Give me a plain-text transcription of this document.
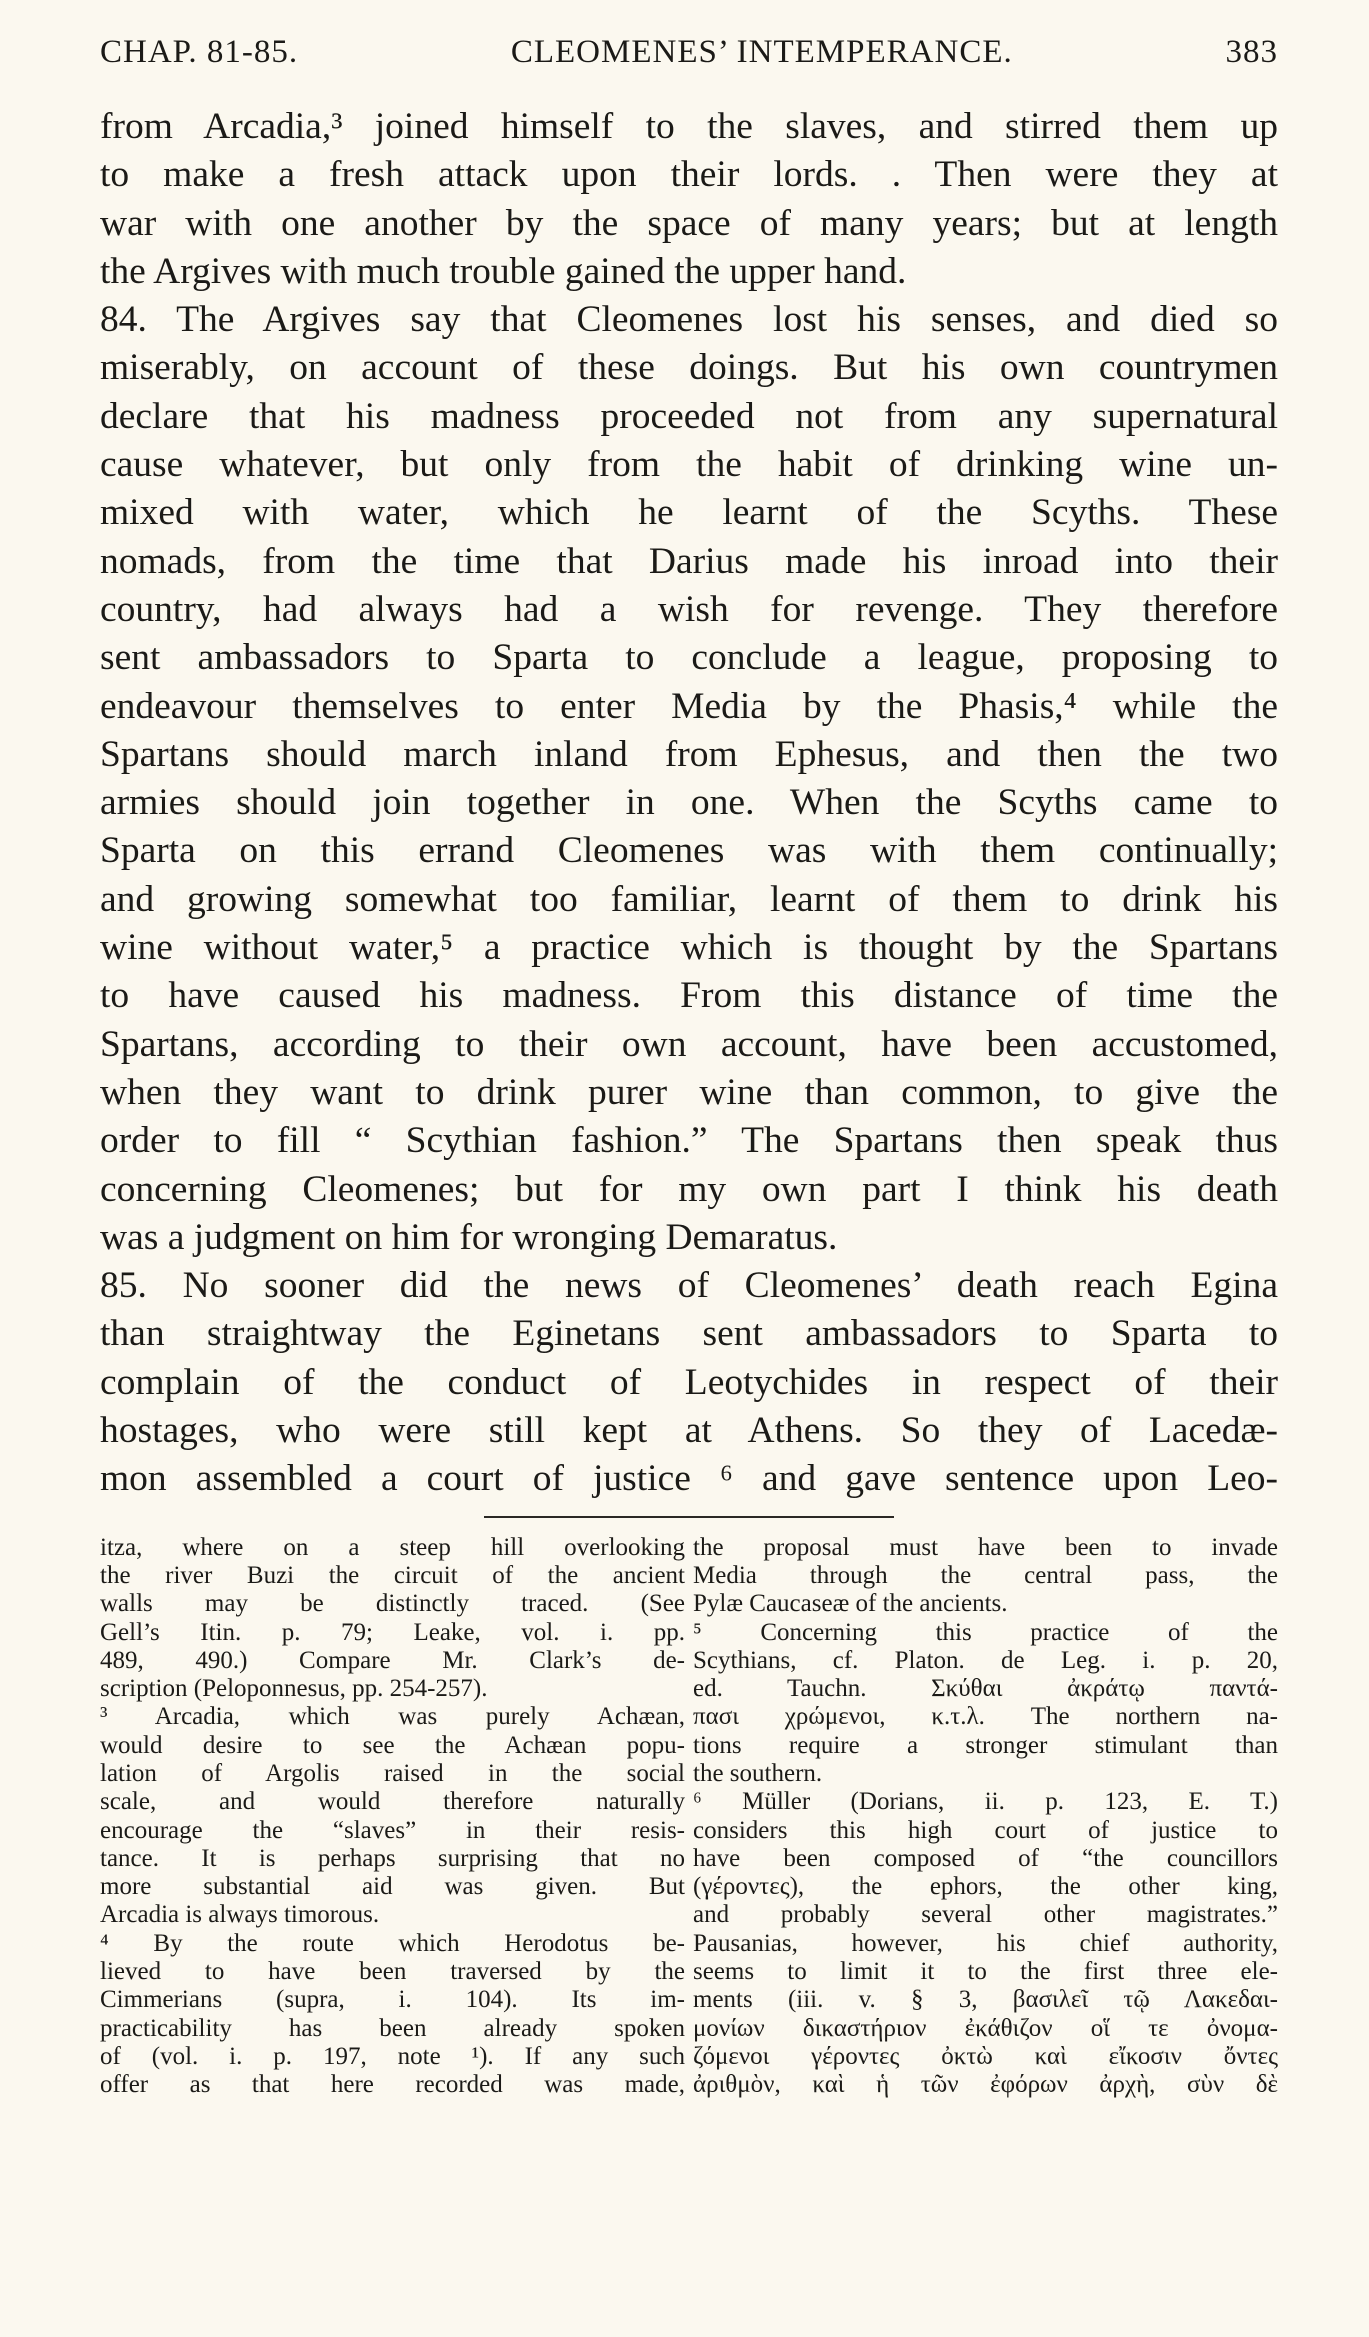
CHAP. 81-85.	CLEOMENES’ INTEMPERANCE.	383
from Arcadia,³ joined himself to the slaves, and stirred them up
to make a fresh attack upon their lords. . Then were they at
war with one another by the space of many years; but at length
the Argives with much trouble gained the upper hand.
84. The Argives say that Cleomenes lost his senses, and died so
miserably, on account of these doings. But his own countrymen
declare that his madness proceeded not from any supernatural
cause whatever, but only from the habit of drinking wine un-
mixed with water, which he learnt of the Scyths. These
nomads, from the time that Darius made his inroad into their
country, had always had a wish for revenge. They therefore
sent ambassadors to Sparta to conclude a league, proposing to
endeavour themselves to enter Media by the Phasis,⁴ while the
Spartans should march inland from Ephesus, and then the two
armies should join together in one. When the Scyths came to
Sparta on this errand Cleomenes was with them continually;
and growing somewhat too familiar, learnt of them to drink his
wine without water,⁵ a practice which is thought by the Spartans
to have caused his madness. From this distance of time the
Spartans, according to their own account, have been accustomed,
when they want to drink purer wine than common, to give the
order to fill “ Scythian fashion.” The Spartans then speak thus
concerning Cleomenes; but for my own part I think his death
was a judgment on him for wronging Demaratus.
85. No sooner did the news of Cleomenes’ death reach Egina
than straightway the Eginetans sent ambassadors to Sparta to
complain of the conduct of Leotychides in respect of their
hostages, who were still kept at Athens. So they of Lacedæ-
mon assembled a court of justice ⁶ and gave sentence upon Leo-
itza, where on a steep hill overlooking
the river Buzi the circuit of the ancient
walls may be distinctly traced. (See
Gell’s Itin. p. 79; Leake, vol. i. pp.
489, 490.) Compare Mr. Clark’s de-
scription (Peloponnesus, pp. 254-257).
³ Arcadia, which was purely Achæan,
would desire to see the Achæan popu-
lation of Argolis raised in the social
scale, and would therefore naturally
encourage the “slaves” in their resis-
tance. It is perhaps surprising that no
more substantial aid was given. But
Arcadia is always timorous.
⁴ By the route which Herodotus be-
lieved to have been traversed by the
Cimmerians (supra, i. 104). Its im-
practicability has been already spoken
of (vol. i. p. 197, note ¹). If any such
offer as that here recorded was made,
the proposal must have been to invade
Media through the central pass, the
Pylæ Caucaseæ of the ancients.
⁵ Concerning this practice of the
Scythians, cf. Platon. de Leg. i. p. 20,
ed. Tauchn. Σκύθαι ἀκράτῳ παντά-
πασι χρώμενοι, κ.τ.λ. The northern na-
tions require a stronger stimulant than
the southern.
⁶ Müller (Dorians, ii. p. 123, E. T.)
considers this high court of justice to
have been composed of “the councillors
(γέροντες), the ephors, the other king,
and probably several other magistrates.”
Pausanias, however, his chief authority,
seems to limit it to the first three ele-
ments (iii. v. § 3, βασιλεῖ τῷ Λακεδαι-
μονίων δικαστήριον ἐκάθιζον οἵ τε ὀνομα-
ζόμενοι γέροντες ὀκτὼ καὶ εἴκοσιν ὄντες
ἀριθμὸν, καὶ ἡ τῶν ἐφόρων ἀρχὴ, σὺν δὲ
